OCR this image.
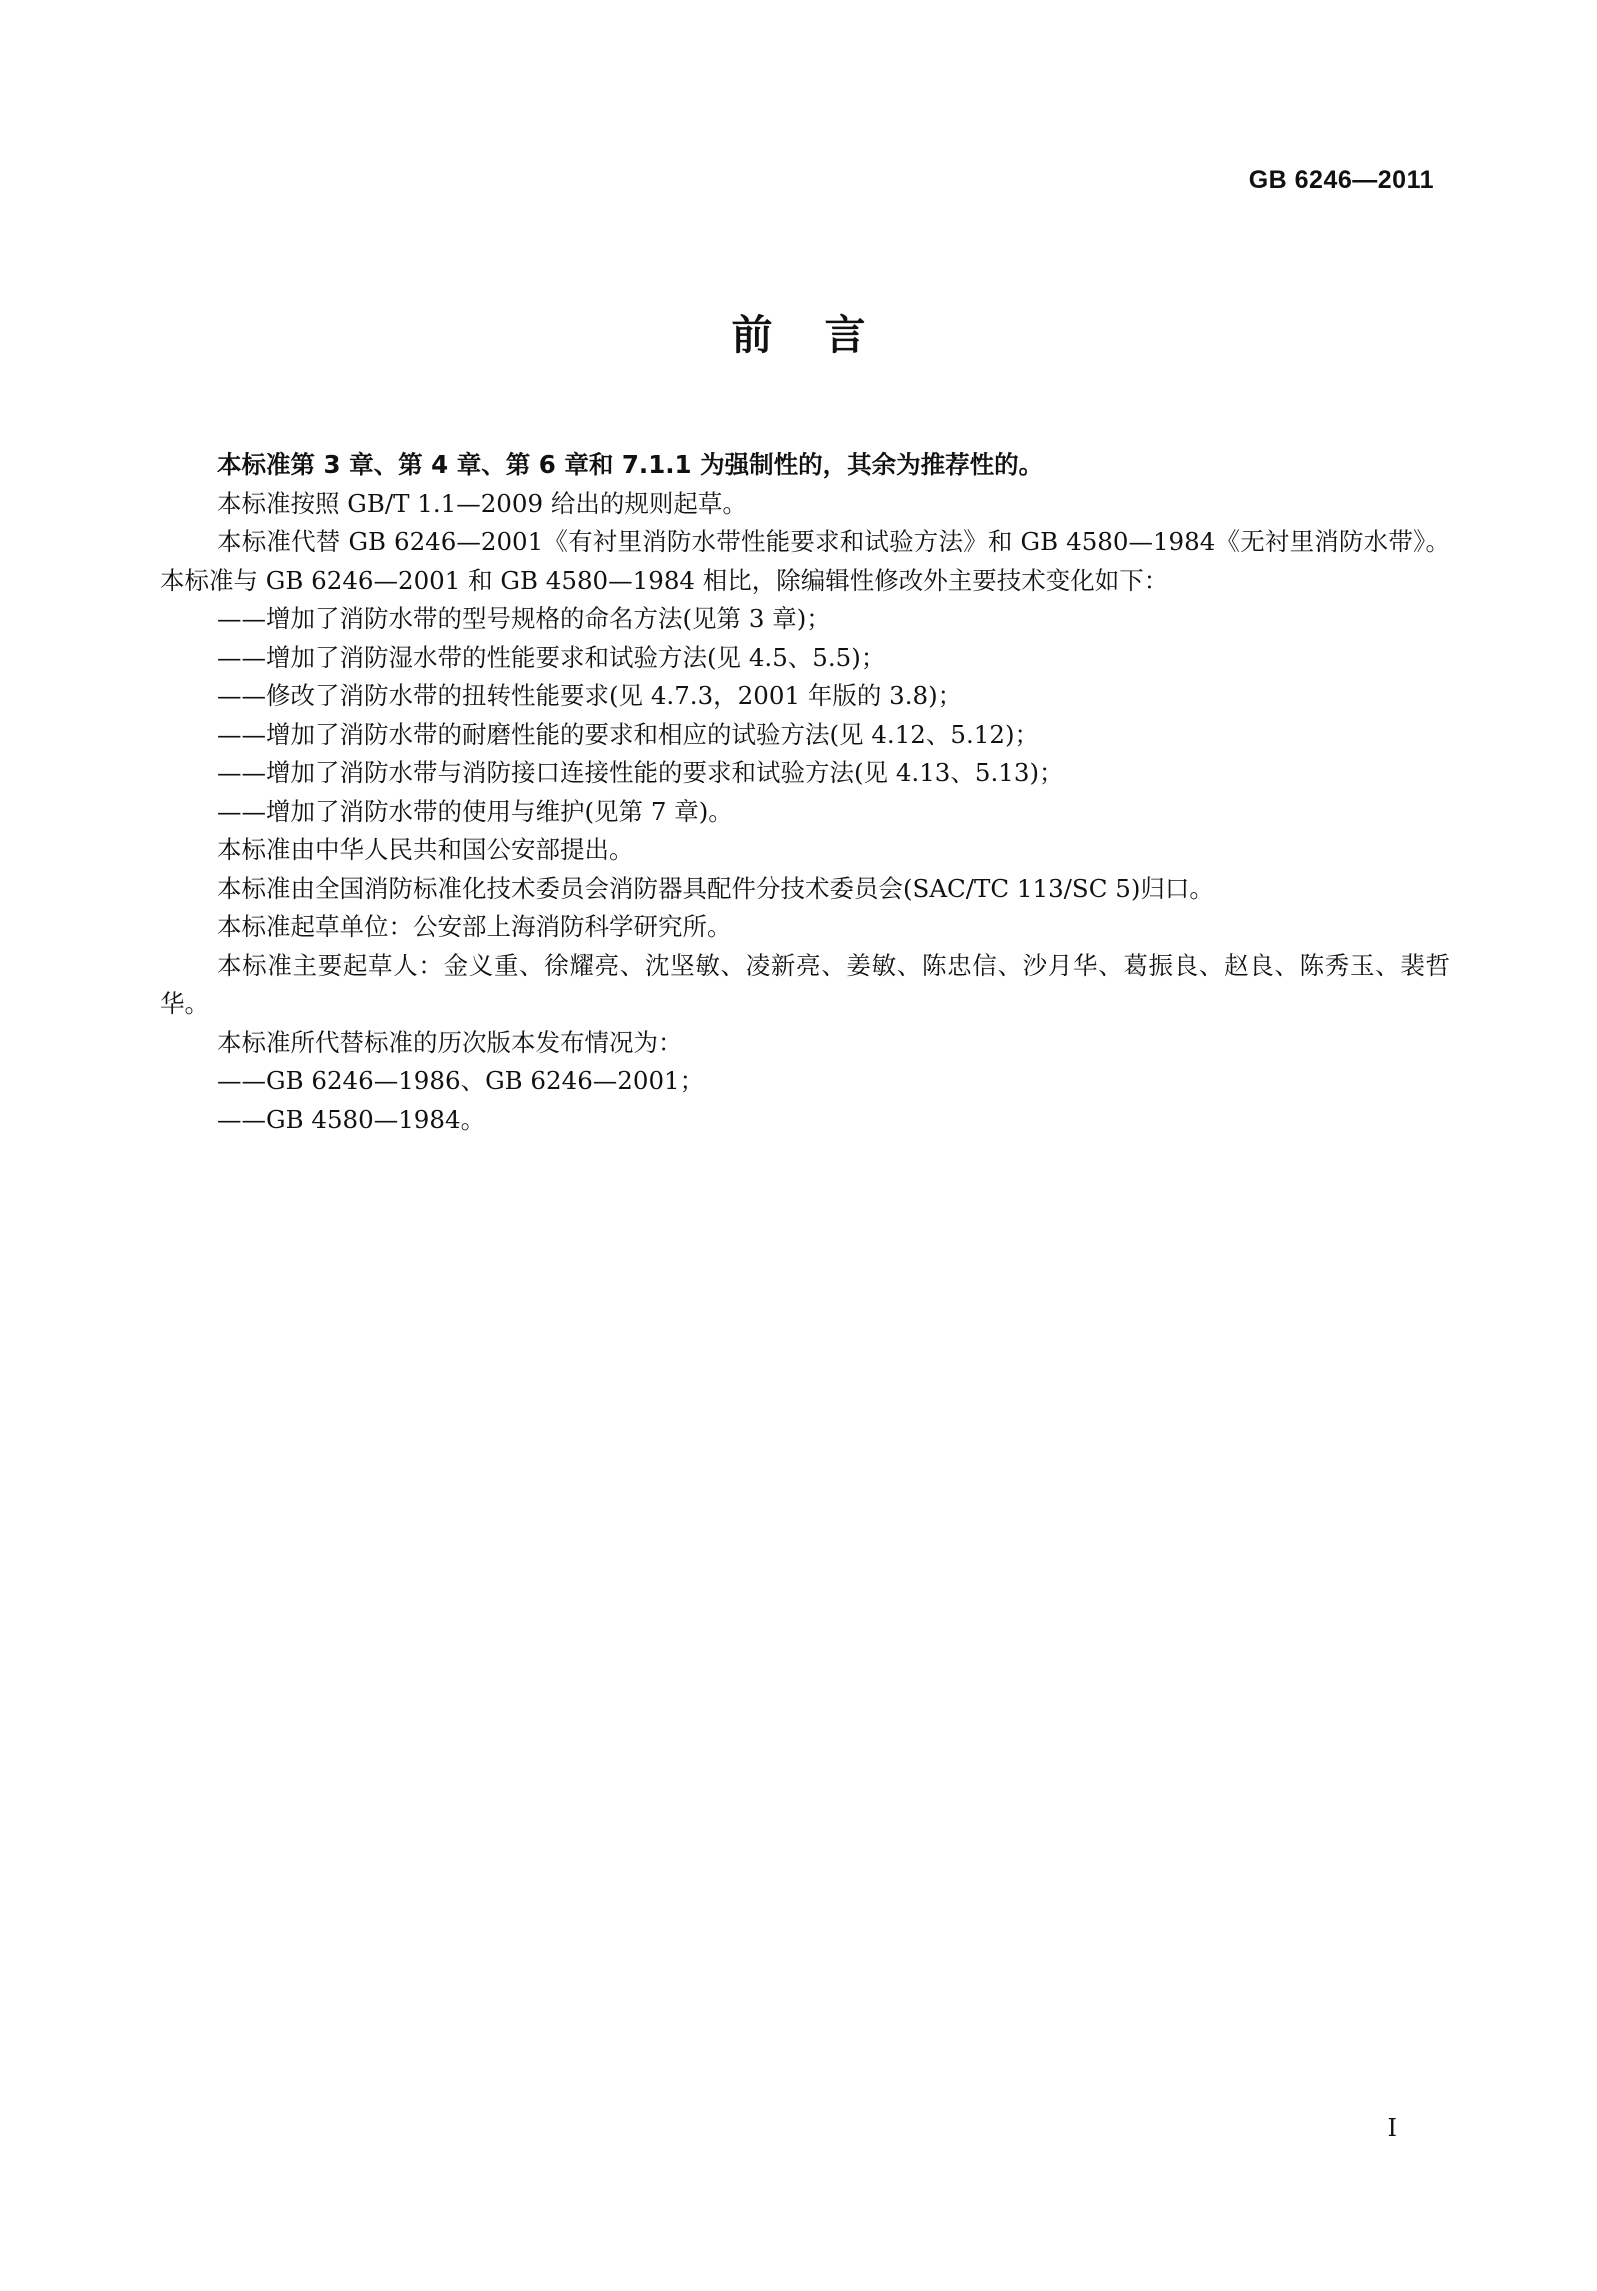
GB 6246—2011
前言

本标准第 3 章、第 4 章、第 6 章和 7.1.1 为强制性的，其余为推荐性的。

本标准按照 GB/T 1.1—2009 给出的规则起草。

本标准代替 GB 6246—2001《有衬里消防水带性能要求和试验方法》和 GB 4580—1984《无衬里消防水带》。本标准与 GB 6246—2001 和 GB 4580—1984 相比，除编辑性修改外主要技术变化如下：

——增加了消防水带的型号规格的命名方法(见第 3 章)；

——增加了消防湿水带的性能要求和试验方法(见 4.5、5.5)；

——修改了消防水带的扭转性能要求(见 4.7.3，2001 年版的 3.8)；

——增加了消防水带的耐磨性能的要求和相应的试验方法(见 4.12、5.12)；

——增加了消防水带与消防接口连接性能的要求和试验方法(见 4.13、5.13)；

——增加了消防水带的使用与维护(见第 7 章)。

本标准由中华人民共和国公安部提出。

本标准由全国消防标准化技术委员会消防器具配件分技术委员会(SAC/TC 113/SC 5)归口。

本标准起草单位：公安部上海消防科学研究所。

本标准主要起草人：金义重、徐耀亮、沈坚敏、凌新亮、姜敏、陈忠信、沙月华、葛振良、赵良、陈秀玉、裴哲华。

本标准所代替标准的历次版本发布情况为：

——GB 6246—1986、GB 6246—2001；

——GB 4580—1984。

I
